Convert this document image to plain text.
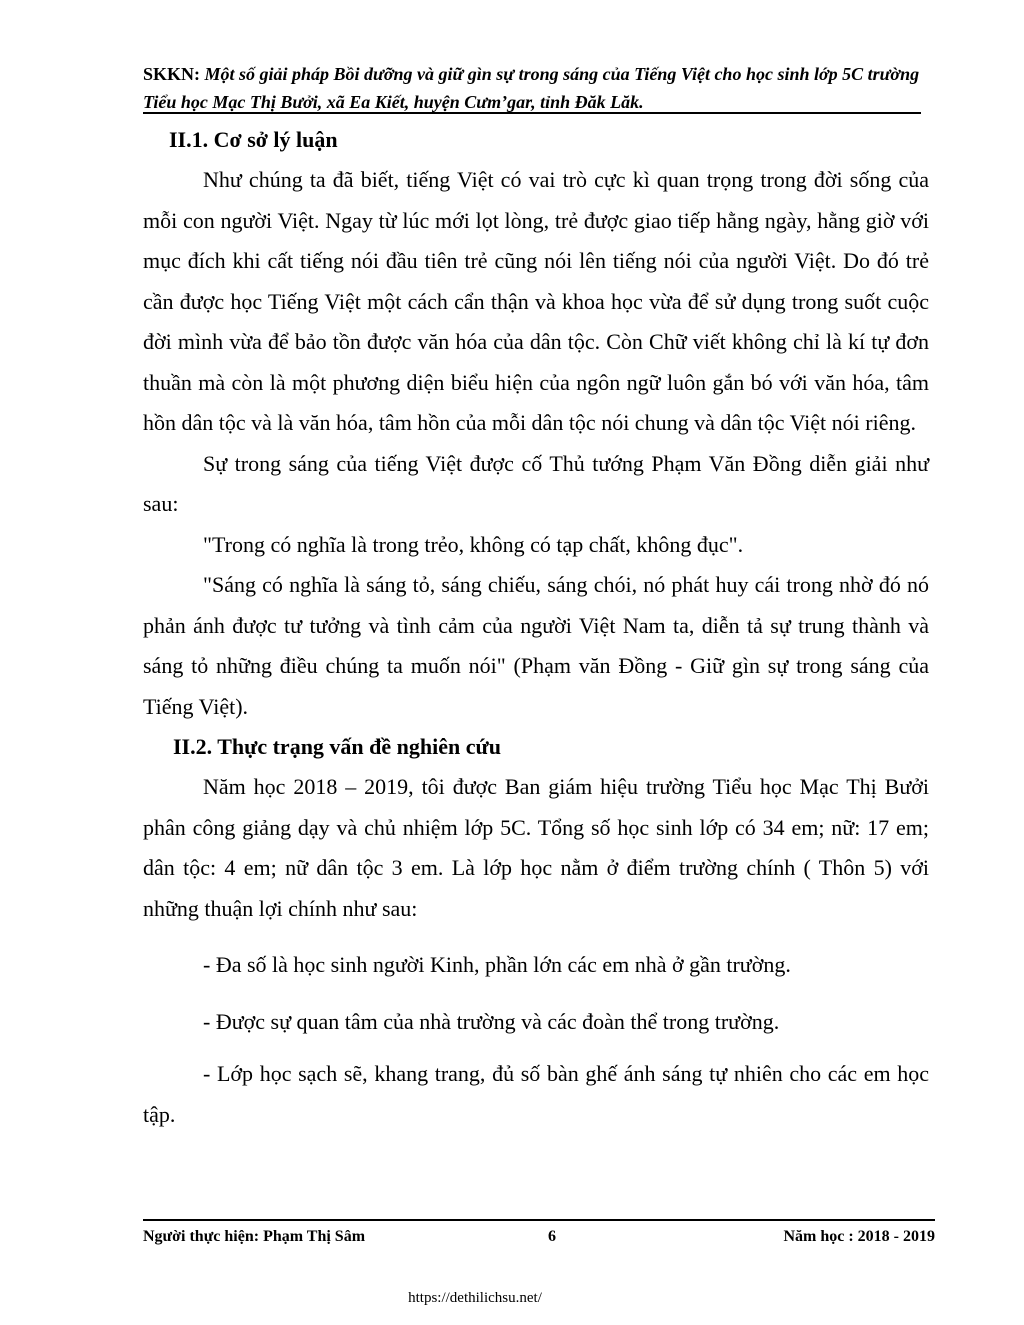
SKKN: Một số giải pháp Bồi dưỡng và giữ gìn sự trong sáng của Tiếng Việt cho học sinh lớp 5C trường Tiểu học Mạc Thị Bưởi, xã Ea Kiết, huyện Cưm’gar, tỉnh Đăk Lăk.

II.1. Cơ sở lý luận

Như chúng ta đã biết, tiếng Việt có vai trò cực kì quan trọng trong đời sống của mỗi con người Việt. Ngay từ lúc mới lọt lòng, trẻ được giao tiếp hằng ngày, hằng giờ với mục đích khi cất tiếng nói đầu tiên trẻ cũng nói lên tiếng nói của người Việt. Do đó trẻ cần được học Tiếng Việt một cách cẩn thận và khoa học vừa để sử dụng trong suốt cuộc đời mình vừa để bảo tồn được văn hóa của dân tộc. Còn Chữ viết không chỉ là kí tự đơn thuần mà còn là một phương diện biểu hiện của ngôn ngữ luôn gắn bó với văn hóa, tâm hồn dân tộc và là văn hóa, tâm hồn của mỗi dân tộc nói chung và dân tộc Việt nói riêng.

Sự trong sáng của tiếng Việt được cố Thủ tướng Phạm Văn Đồng diễn giải như sau:

"Trong có nghĩa là trong trẻo, không có tạp chất, không đục".

"Sáng có nghĩa là sáng tỏ, sáng chiếu, sáng chói, nó phát huy cái trong nhờ đó nó phản ánh được tư tưởng và tình cảm của người Việt Nam ta, diễn tả sự trung thành và sáng tỏ những điều chúng ta muốn nói" (Phạm văn Đồng - Giữ gìn sự trong sáng của Tiếng Việt).

II.2. Thực trạng vấn đề nghiên cứu

Năm học 2018 – 2019, tôi được Ban giám hiệu trường Tiểu học Mạc Thị Bưởi phân công giảng dạy và chủ nhiệm lớp 5C. Tổng số học sinh lớp có 34 em; nữ: 17 em; dân tộc: 4 em; nữ dân tộc 3 em. Là lớp học nằm ở điểm trường chính ( Thôn 5) với những thuận lợi chính như sau:

- Đa số là học sinh người Kinh, phần lớn các em nhà ở gần trường.

- Được sự quan tâm của nhà trường và các đoàn thể trong trường.

- Lớp học sạch sẽ, khang trang, đủ số bàn ghế ánh sáng tự nhiên cho các em học tập.

Người thực hiện: Phạm Thị Sâm	6	Năm học : 2018 - 2019
https://dethilichsu.net/
